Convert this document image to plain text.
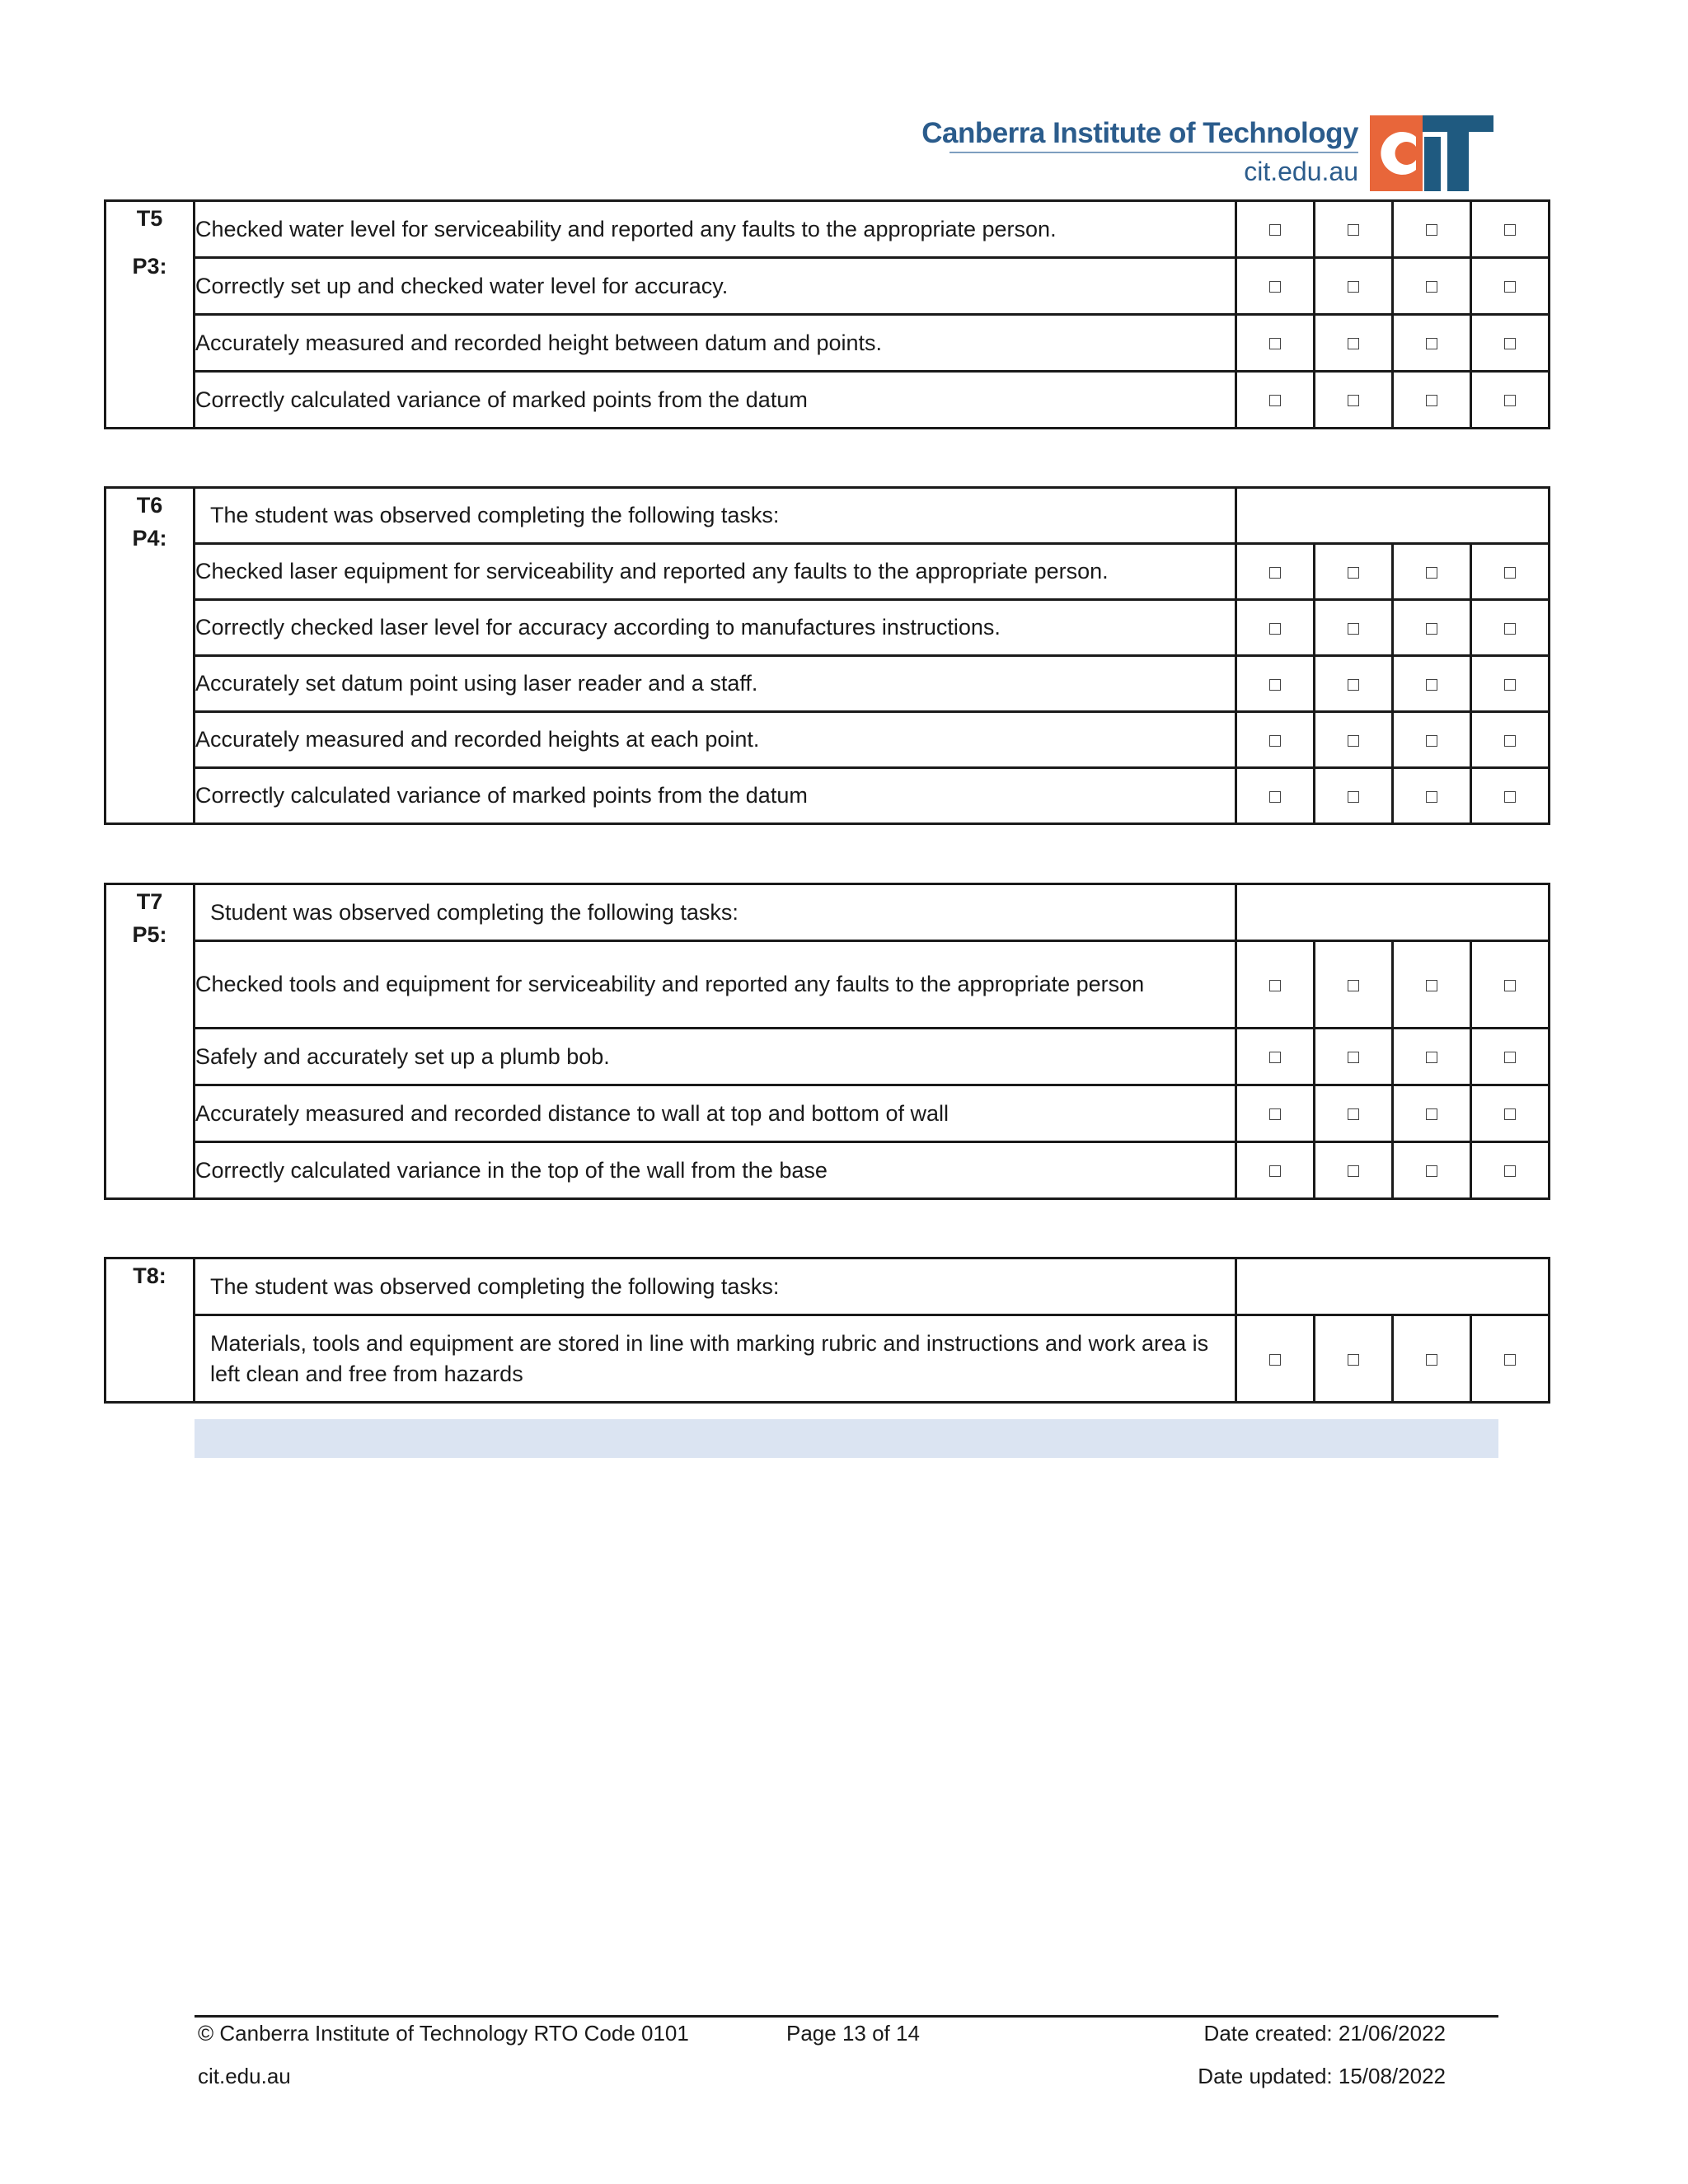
Canberra Institute of Technology
cit.edu.au
T5
P3:	Checked water level for serviceability and reported any faults to the appropriate person.				
	Correctly set up and checked water level for accuracy.				
	Accurately measured and recorded height between datum and points.				
	Correctly calculated variance of marked points from the datum				
T6
P4:	The student was observed completing the following tasks:				
	Checked laser equipment for serviceability and reported any faults to the appropriate person.				
	Correctly checked laser level for accuracy according to manufactures instructions.				
	Accurately set datum point using laser reader and a staff.				
	Accurately measured and recorded heights at each point.				
	Correctly calculated variance of marked points from the datum				
T7
P5:	Student was observed completing the following tasks:				
	Checked tools and equipment for serviceability and reported any faults to the appropriate person				
	Safely and accurately set up a plumb bob.				
	Accurately measured and recorded distance to wall at top and bottom of wall				
	Correctly calculated variance in the top of the wall from the base				
T8:	The student was observed completing the following tasks:				
	Materials, tools and equipment are stored in line with marking rubric and instructions and work area is left clean and free from hazards				
© Canberra Institute of Technology RTO Code 0101	Page 13 of 14	Date created: 21/06/2022
cit.edu.au	Date updated: 15/08/2022
